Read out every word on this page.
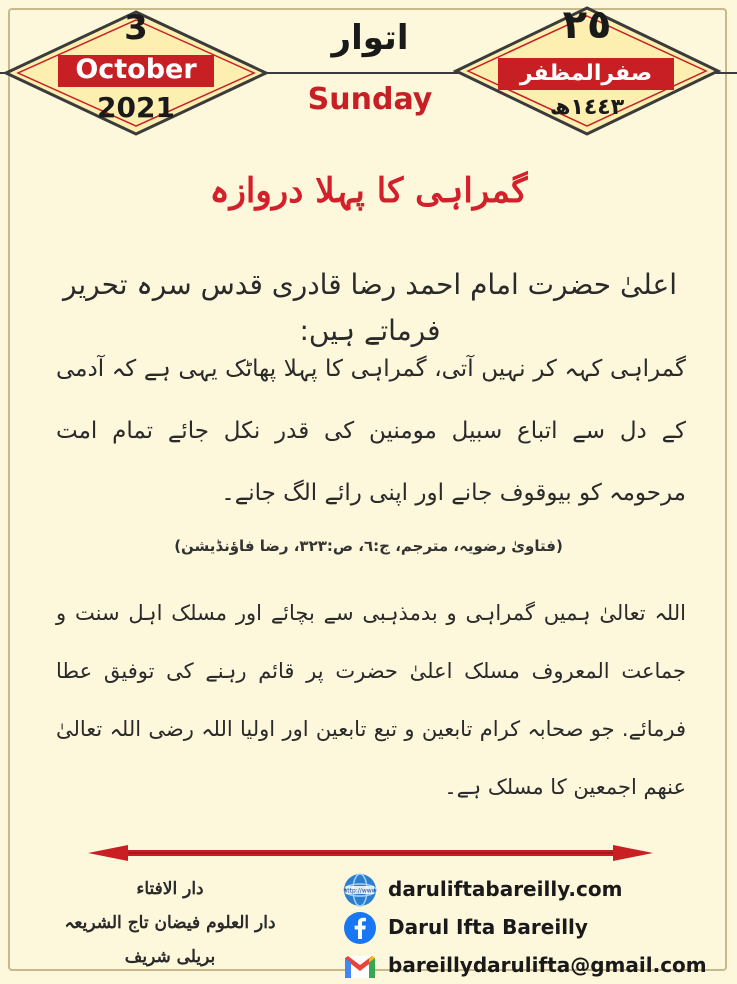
3
October
2021
اتوار
Sunday
٢٥
صفرالمظفر
١٤٤٣ھ
گمراہی کا پہلا دروازہ
اعلیٰ حضرت امام احمد رضا قادری قدس سرہ تحریر فرماتے ہیں:
گمراہی کہہ کر نہیں آتی، گمراہی کا پہلا پھاٹک یہی ہے کہ آدمی کے دل سے اتباع سبیل مومنین کی قدر نکل جائے تمام امت مرحومہ کو بیوقوف جانے اور اپنی رائے الگ جانے۔
(فتاویٰ رضویہ، مترجم، ج:٦، ص:٣٢٣، رضا فاؤنڈیشن)
اللہ تعالیٰ ہمیں گمراہی و بدمذہبی سے بچائے اور مسلک اہل سنت و جماعت المعروف مسلک اعلیٰ حضرت پر قائم رہنے کی توفیق عطا فرمائے. جو صحابہ کرام تابعین و تبع تابعین اور اولیا اللہ رضی اللہ تعالیٰ عنھم اجمعین کا مسلک ہے۔
دار الافتاء
دار العلوم فیضان تاج الشریعہ
بریلی شریف
http://www daruliftabareilly.com
Darul Ifta Bareilly
bareillydarulifta@gmail.com
